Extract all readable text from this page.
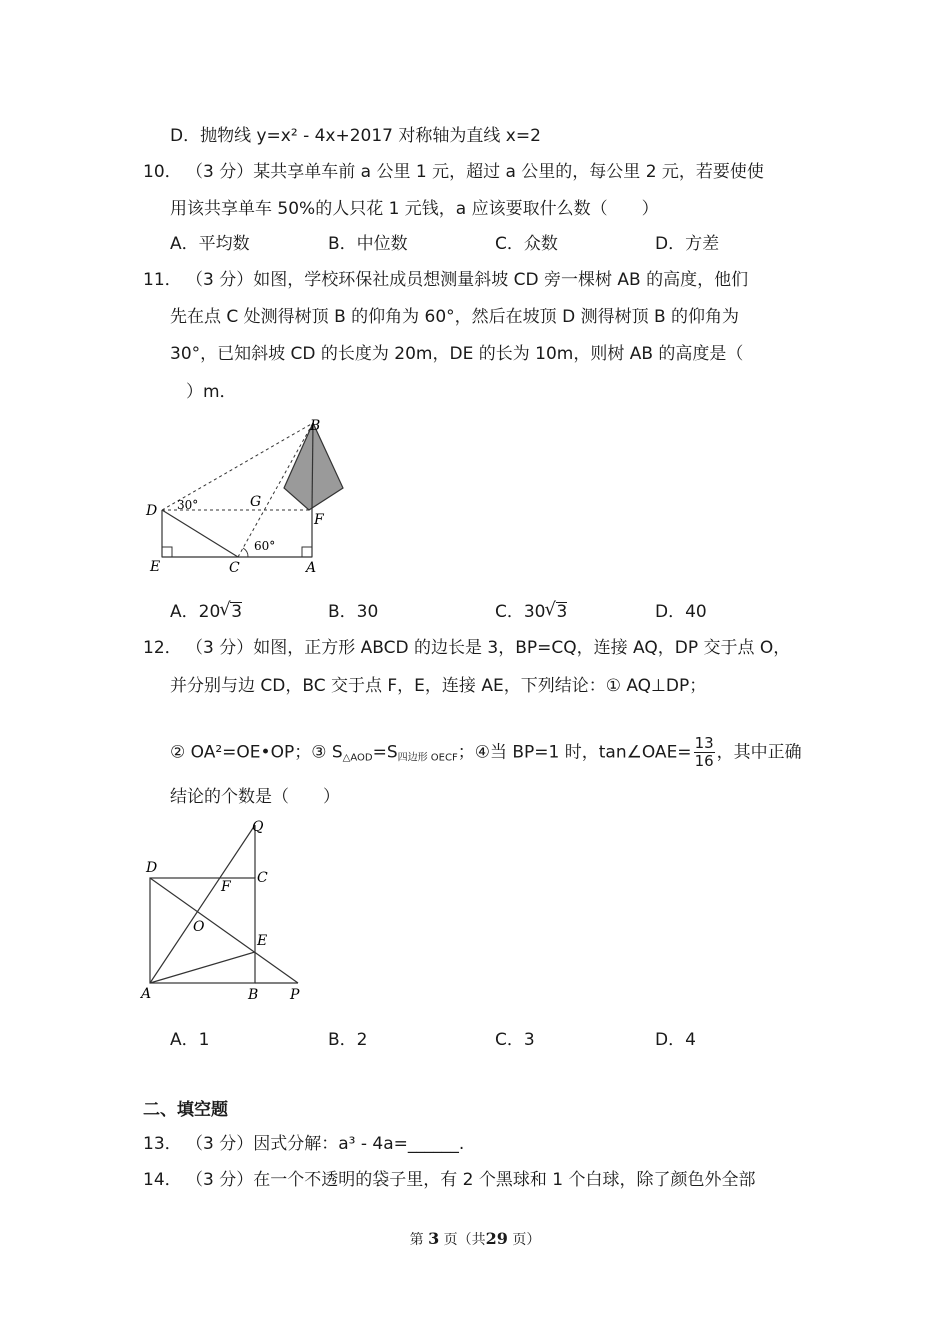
D．抛物线 y=x² - 4x+2017 对称轴为直线 x=2
10． （3 分）某共享单车前 a 公里 1 元，超过 a 公里的，每公里 2 元，若要使使
用该共享单车 50%的人只花 1 元钱，a 应该要取什么数（　　）
A．平均数	B．中位数	C．众数	D．方差
11． （3 分）如图，学校环保社成员想测量斜坡 CD 旁一棵树 AB 的高度，他们
先在点 C 处测得树顶 B 的仰角为 60°，然后在坡顶 D 测得树顶 B 的仰角为
30°，已知斜坡 CD 的长度为 20m，DE 的长为 10m，则树 AB 的高度是（
）m．
B
D
G
F
E	C	A
30°
60°
A．20 √ 3	B．30	C．30 √ 3	D．40
12． （3 分）如图，正方形 ABCD 的边长是 3，BP=CQ，连接 AQ，DP 交于点 O，
并分别与边 CD，BC 交于点 F，E，连接 AE，下列结论：① AQ⊥DP；
② OA²=OE•OP；③ $S_{\triangle AOD}=S_{四边形 OECF}$；④当 BP=1 时，tan∠OAE= $\frac{13}{16}$ ，其中正确
结论的个数是（　　）
Q
D
C
F
O
E
A	B P
A．1	B．2	C．3	D．4
二、填空题
13． （3 分）因式分解：a³ - 4a=______.
14． （3 分）在一个不透明的袋子里，有 2 个黑球和 1 个白球，除了颜色外全部
第 3 页（共29 页）
